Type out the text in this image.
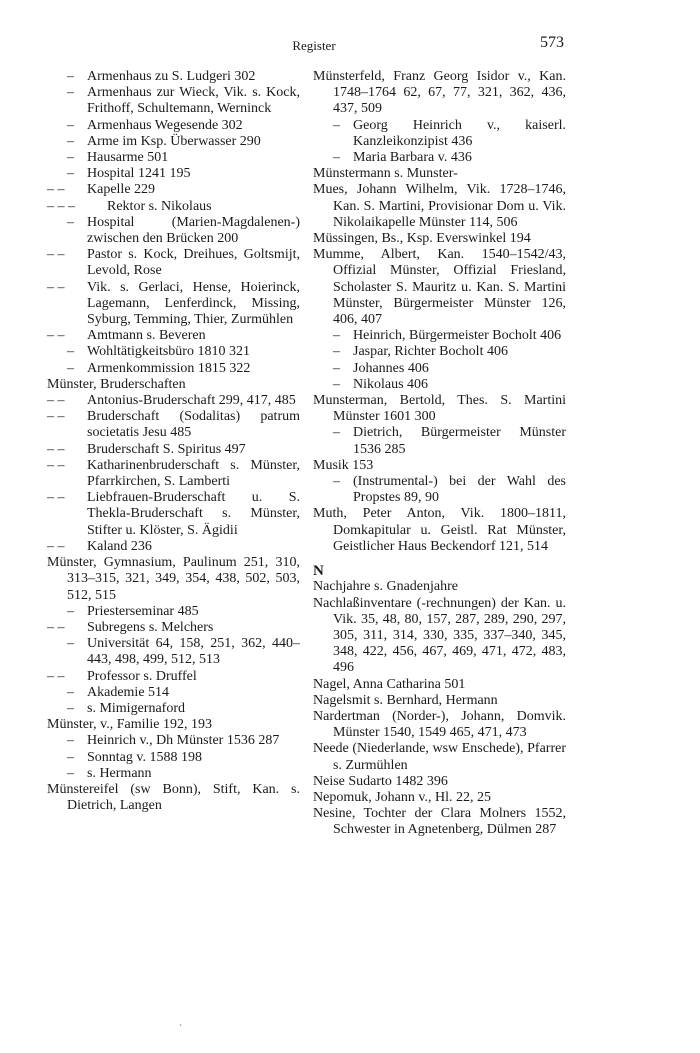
Register	573
– Armenhaus zu S. Ludgeri 302
– Armenhaus zur Wieck, Vik. s. Kock, Frithoff, Schultemann, Werninck
– Armenhaus Wegesende 302
– Arme im Ksp. Überwasser 290
– Hausarme 501
– Hospital 1241 195
– – Kapelle 229
– – – Rektor s. Nikolaus
– Hospital (Marien-Magdalenen-) zwischen den Brücken 200
– – Pastor s. Kock, Dreihues, Goltsmijt, Levold, Rose
– – Vik. s. Gerlaci, Hense, Hoierinck, Lagemann, Lenferdinck, Missing, Syburg, Temming, Thier, Zurmühlen
– – Amtmann s. Beveren
– Wohltätigkeitsbüro 1810 321
– Armenkommission 1815 322
Münster, Bruderschaften
– – Antonius-Bruderschaft 299, 417, 485
– – Bruderschaft (Sodalitas) patrum societatis Jesu 485
– – Bruderschaft S. Spiritus 497
– – Katharinenbruderschaft s. Münster, Pfarrkirchen, S. Lamberti
– – Liebfrauen-Bruderschaft u. S. Thekla-Bruderschaft s. Münster, Stifter u. Klöster, S. Ägidii
– – Kaland 236
Münster, Gymnasium, Paulinum 251, 310, 313–315, 321, 349, 354, 438, 502, 503, 512, 515
– Priesterseminar 485
– – Subregens s. Melchers
– Universität 64, 158, 251, 362, 440–443, 498, 499, 512, 513
– – Professor s. Druffel
– Akademie 514
– s. Mimigernaford
Münster, v., Familie 192, 193
– Heinrich v., Dh Münster 1536 287
– Sonntag v. 1588 198
– s. Hermann
Münstereifel (sw Bonn), Stift, Kan. s. Dietrich, Langen
Münsterfeld, Franz Georg Isidor v., Kan. 1748–1764 62, 67, 77, 321, 362, 436, 437, 509
– Georg Heinrich v., kaiserl. Kanzleikonzipist 436
– Maria Barbara v. 436
Münstermann s. Munster-
Mues, Johann Wilhelm, Vik. 1728–1746, Kan. S. Martini, Provisionar Dom u. Vik. Nikolaikapelle Münster 114, 506
Müssingen, Bs., Ksp. Everswinkel 194
Mumme, Albert, Kan. 1540–1542/43, Offizial Münster, Offizial Friesland, Scholaster S. Mauritz u. Kan. S. Martini Münster, Bürgermeister Münster 126, 406, 407
– Heinrich, Bürgermeister Bocholt 406
– Jaspar, Richter Bocholt 406
– Johannes 406
– Nikolaus 406
Munsterman, Bertold, Thes. S. Martini Münster 1601 300
– Dietrich, Bürgermeister Münster 1536 285
Musik 153
– (Instrumental-) bei der Wahl des Propstes 89, 90
Muth, Peter Anton, Vik. 1800–1811, Domkapitular u. Geistl. Rat Münster, Geistlicher Haus Beckendorf 121, 514
N
Nachjahre s. Gnadenjahre
Nachlaßinventare (-rechnungen) der Kan. u. Vik. 35, 48, 80, 157, 287, 289, 290, 297, 305, 311, 314, 330, 335, 337–340, 345, 348, 422, 456, 467, 469, 471, 472, 483, 496
Nagel, Anna Catharina 501
Nagelsmit s. Bernhard, Hermann
Nardertman (Norder-), Johann, Domvik. Münster 1540, 1549 465, 471, 473
Neede (Niederlande, wsw Enschede), Pfarrer s. Zurmühlen
Neise Sudarto 1482 396
Nepomuk, Johann v., Hl. 22, 25
Nesine, Tochter der Clara Molners 1552, Schwester in Agnetenberg, Dülmen 287
`
